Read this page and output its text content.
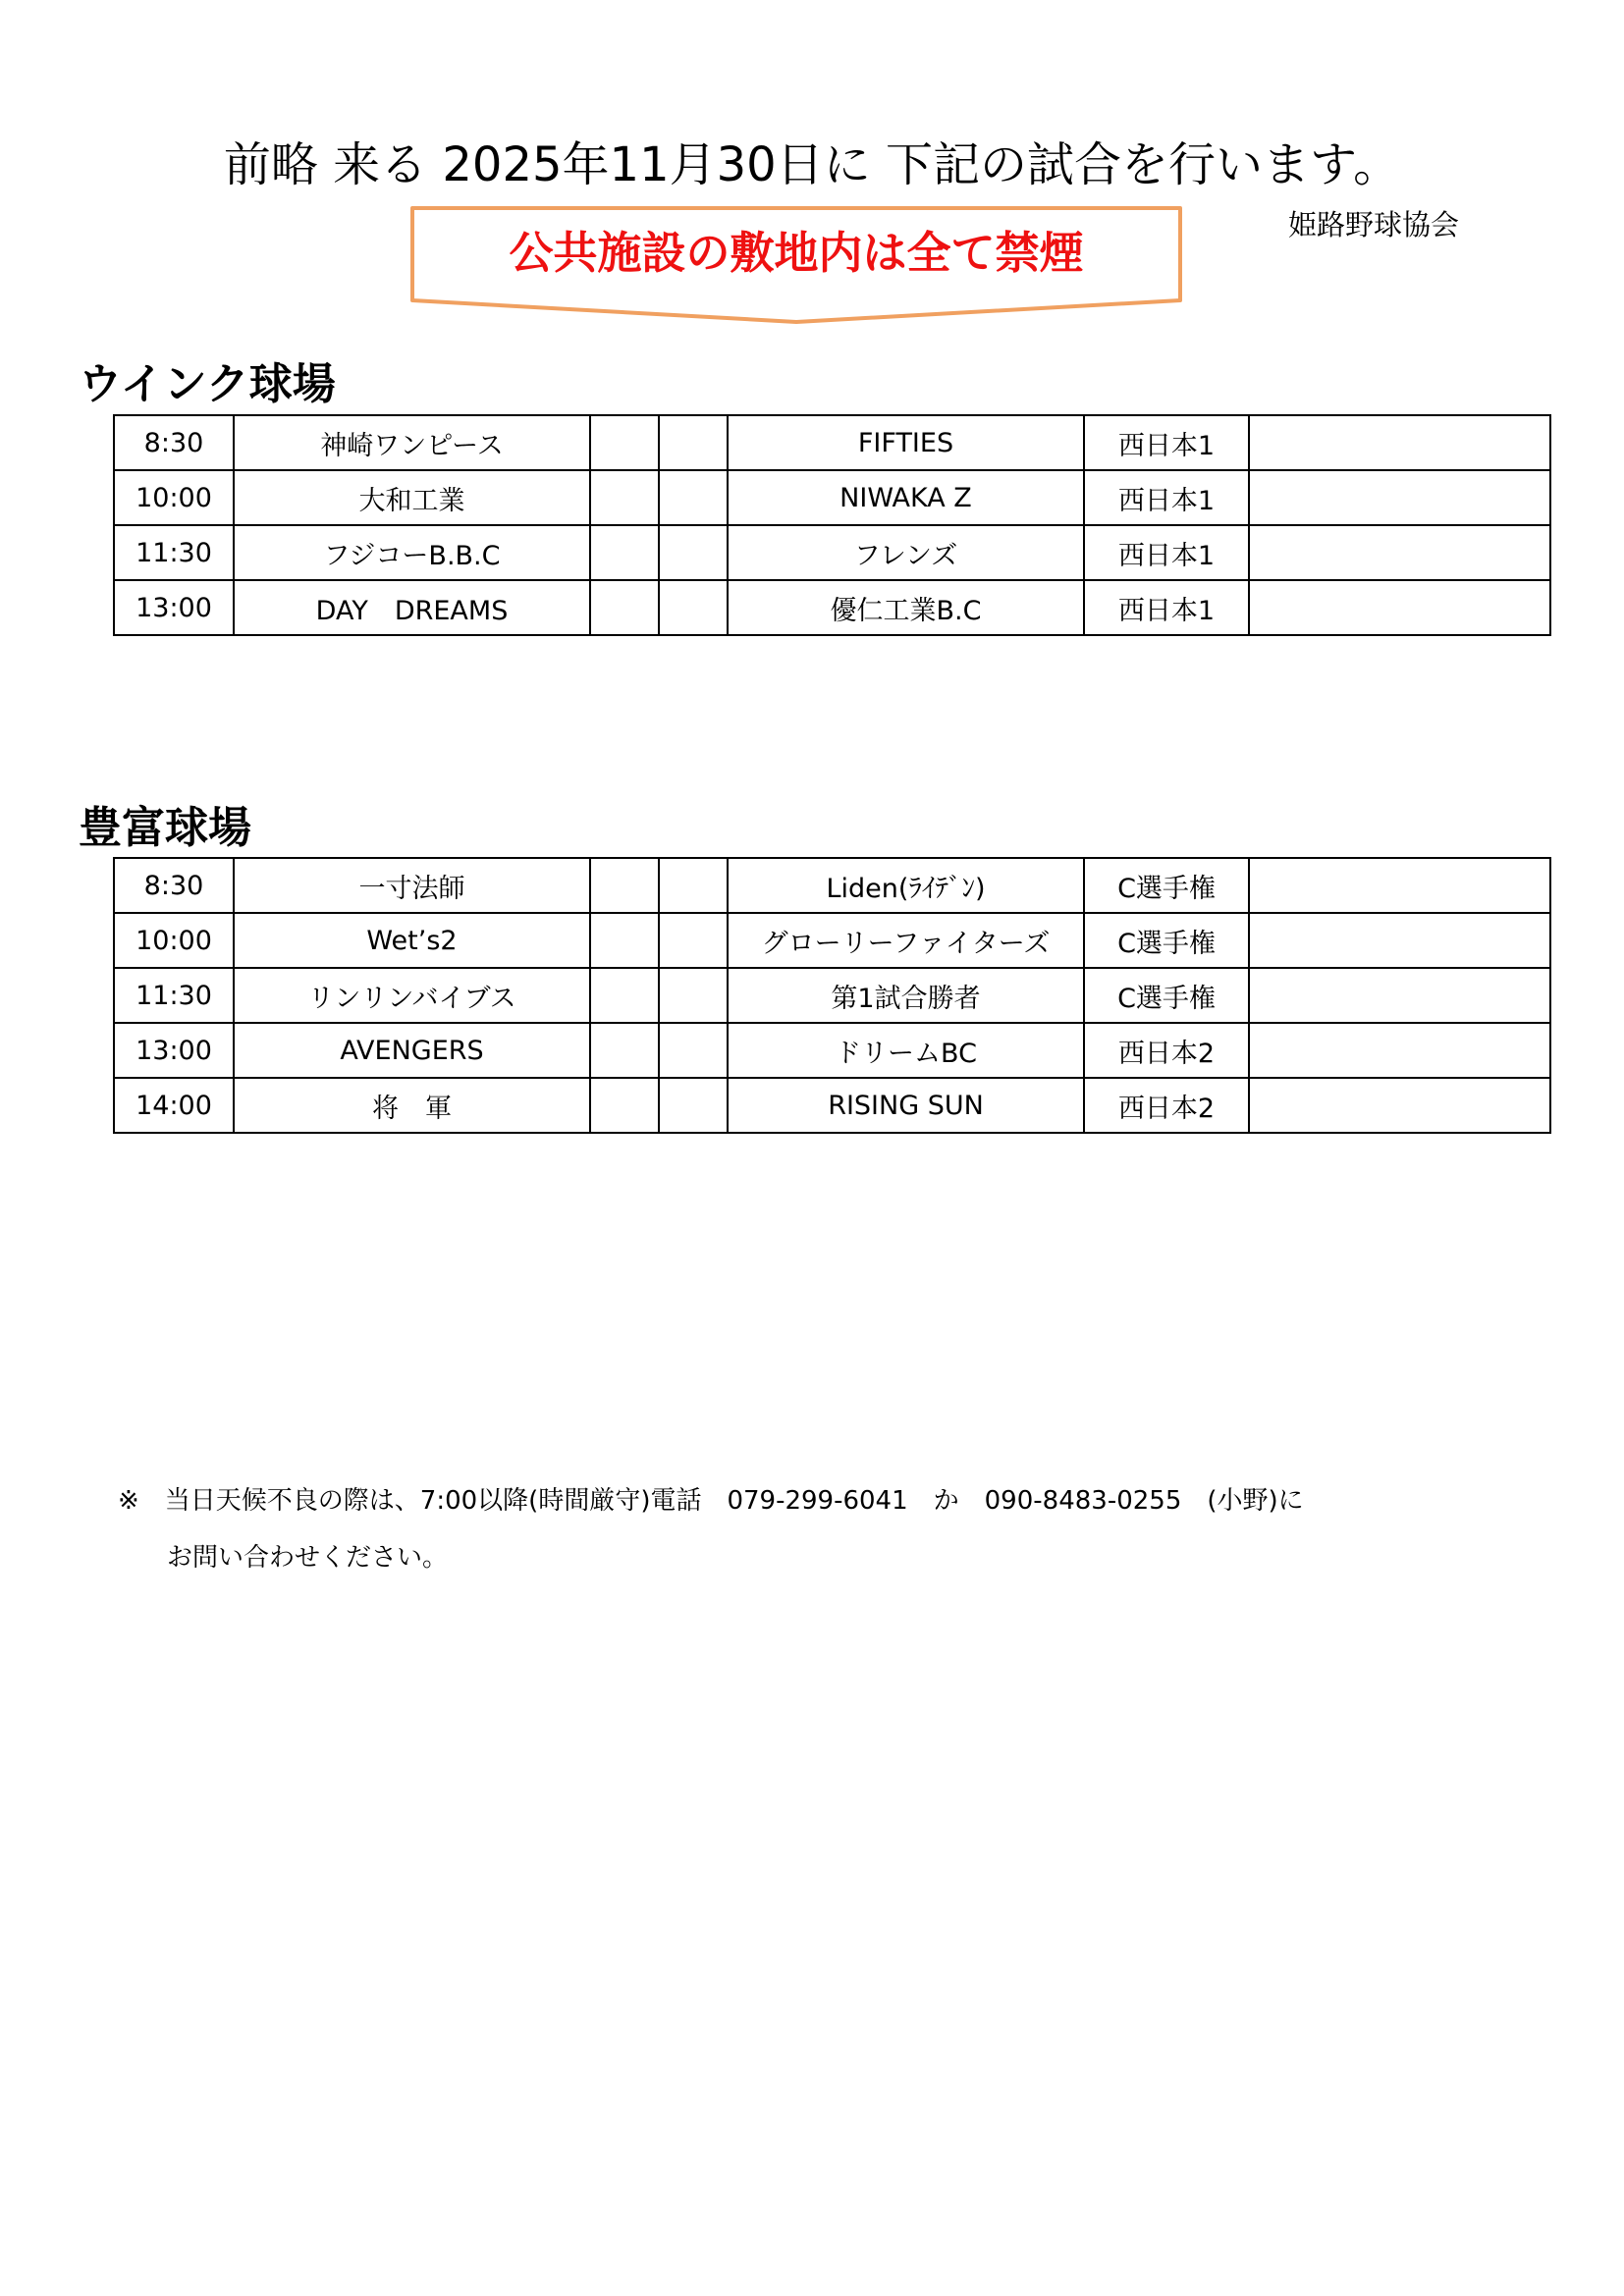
前略 来る 2025年11月30日に 下記の試合を行います。
公共施設の敷地内は全て禁煙
姫路野球協会
ウインク球場
8:30	神崎ワンピース			FIFTIES	西日本1	
10:00	大和工業			NIWAKA Z	西日本1	
11:30	フジコーB.B.C			フレンズ	西日本1	
13:00	DAY　DREAMS			優仁工業B.C	西日本1	
豊富球場
8:30	一寸法師			Liden(ﾗｲﾃﾞﾝ)	C選手権	
10:00	Wet’s2			グローリーファイターズ	C選手権	
11:30	リンリンバイブス			第1試合勝者	C選手権	
13:00	AVENGERS			ドリームBC	西日本2	
14:00	将　軍			RISING SUN	西日本2	
※　当日天候不良の際は、7:00以降(時間厳守)電話　079-299-6041　か　090-8483-0255　(小野)に
お問い合わせください。
